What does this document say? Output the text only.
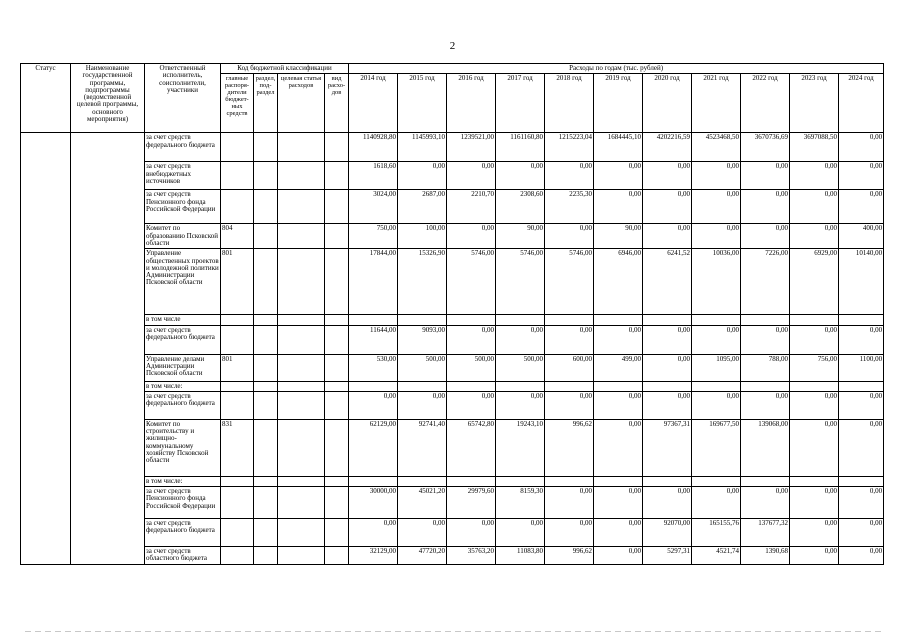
2
Статус	Наименование государственной программы, подпрограммы (ведомственной целевой программы, основного мероприятия)	Ответственный исполнитель, соисполнители, участники	Код бюджетной классификации				Расходы по годам (тыс. рублей)										
			главные распоря-дители бюджет-ных средств	раздел, под-раздел	целевая статья расходов	вид расхо-дов	2014 год	2015 год	2016 год	2017 год	2018 год	2019 год	2020 год	2021 год	2022 год	2023 год	2024 год
		за счет средств федерального бюджета					1140928,80	1145993,10	1239521,00	1161160,80	1215223,04	1684445,10	4202216,59	4523468,50	3670736,69	3697088,50	0,00
		за счет средств внебюджетных источников					1618,60	0,00	0,00	0,00	0,00	0,00	0,00	0,00	0,00	0,00	0,00
		за счет средств Пенсионного фонда Российской Федерации					3024,00	2687,00	2210,70	2308,60	2235,30	0,00	0,00	0,00	0,00	0,00	0,00
		Комитет по образованию Псковской области	804				750,00	100,00	0,00	90,00	0,00	90,00	0,00	0,00	0,00	0,00	400,00
		Управление общественных проектов и молодежной политики Администрации Псковской области	801				17844,00	15326,90	5746,00	5746,00	5746,00	6946,00	6241,52	10036,00	7226,00	6929,00	10140,00
		в том числе															
		за счет средств федерального бюджета					11644,00	9093,00	0,00	0,00	0,00	0,00	0,00	0,00	0,00	0,00	0,00
		Управление делами Администрации Псковской области	801				530,00	500,00	500,00	500,00	600,00	499,00	0,00	1095,00	788,00	756,00	1100,00
		в том числе:															
		за счет средств федерального бюджета					0,00	0,00	0,00	0,00	0,00	0,00	0,00	0,00	0,00	0,00	0,00
		Комитет по строительству и жилищно-коммунальному хозяйству Псковской области	831				62129,00	92741,40	65742,80	19243,10	996,62	0,00	97367,31	169677,50	139068,00	0,00	0,00
		в том числе:															
		за счет средств Пенсионного фонда Российской Федерации					30000,00	45021,20	29979,60	8159,30	0,00	0,00	0,00	0,00	0,00	0,00	0,00
		за счет средств федерального бюджета					0,00	0,00	0,00	0,00	0,00	0,00	92070,00	165155,76	137677,32	0,00	0,00
		за счет средств областного бюджета					32129,00	47720,20	35763,20	11083,80	996,62	0,00	5297,31	4521,74	1390,68	0,00	0,00
